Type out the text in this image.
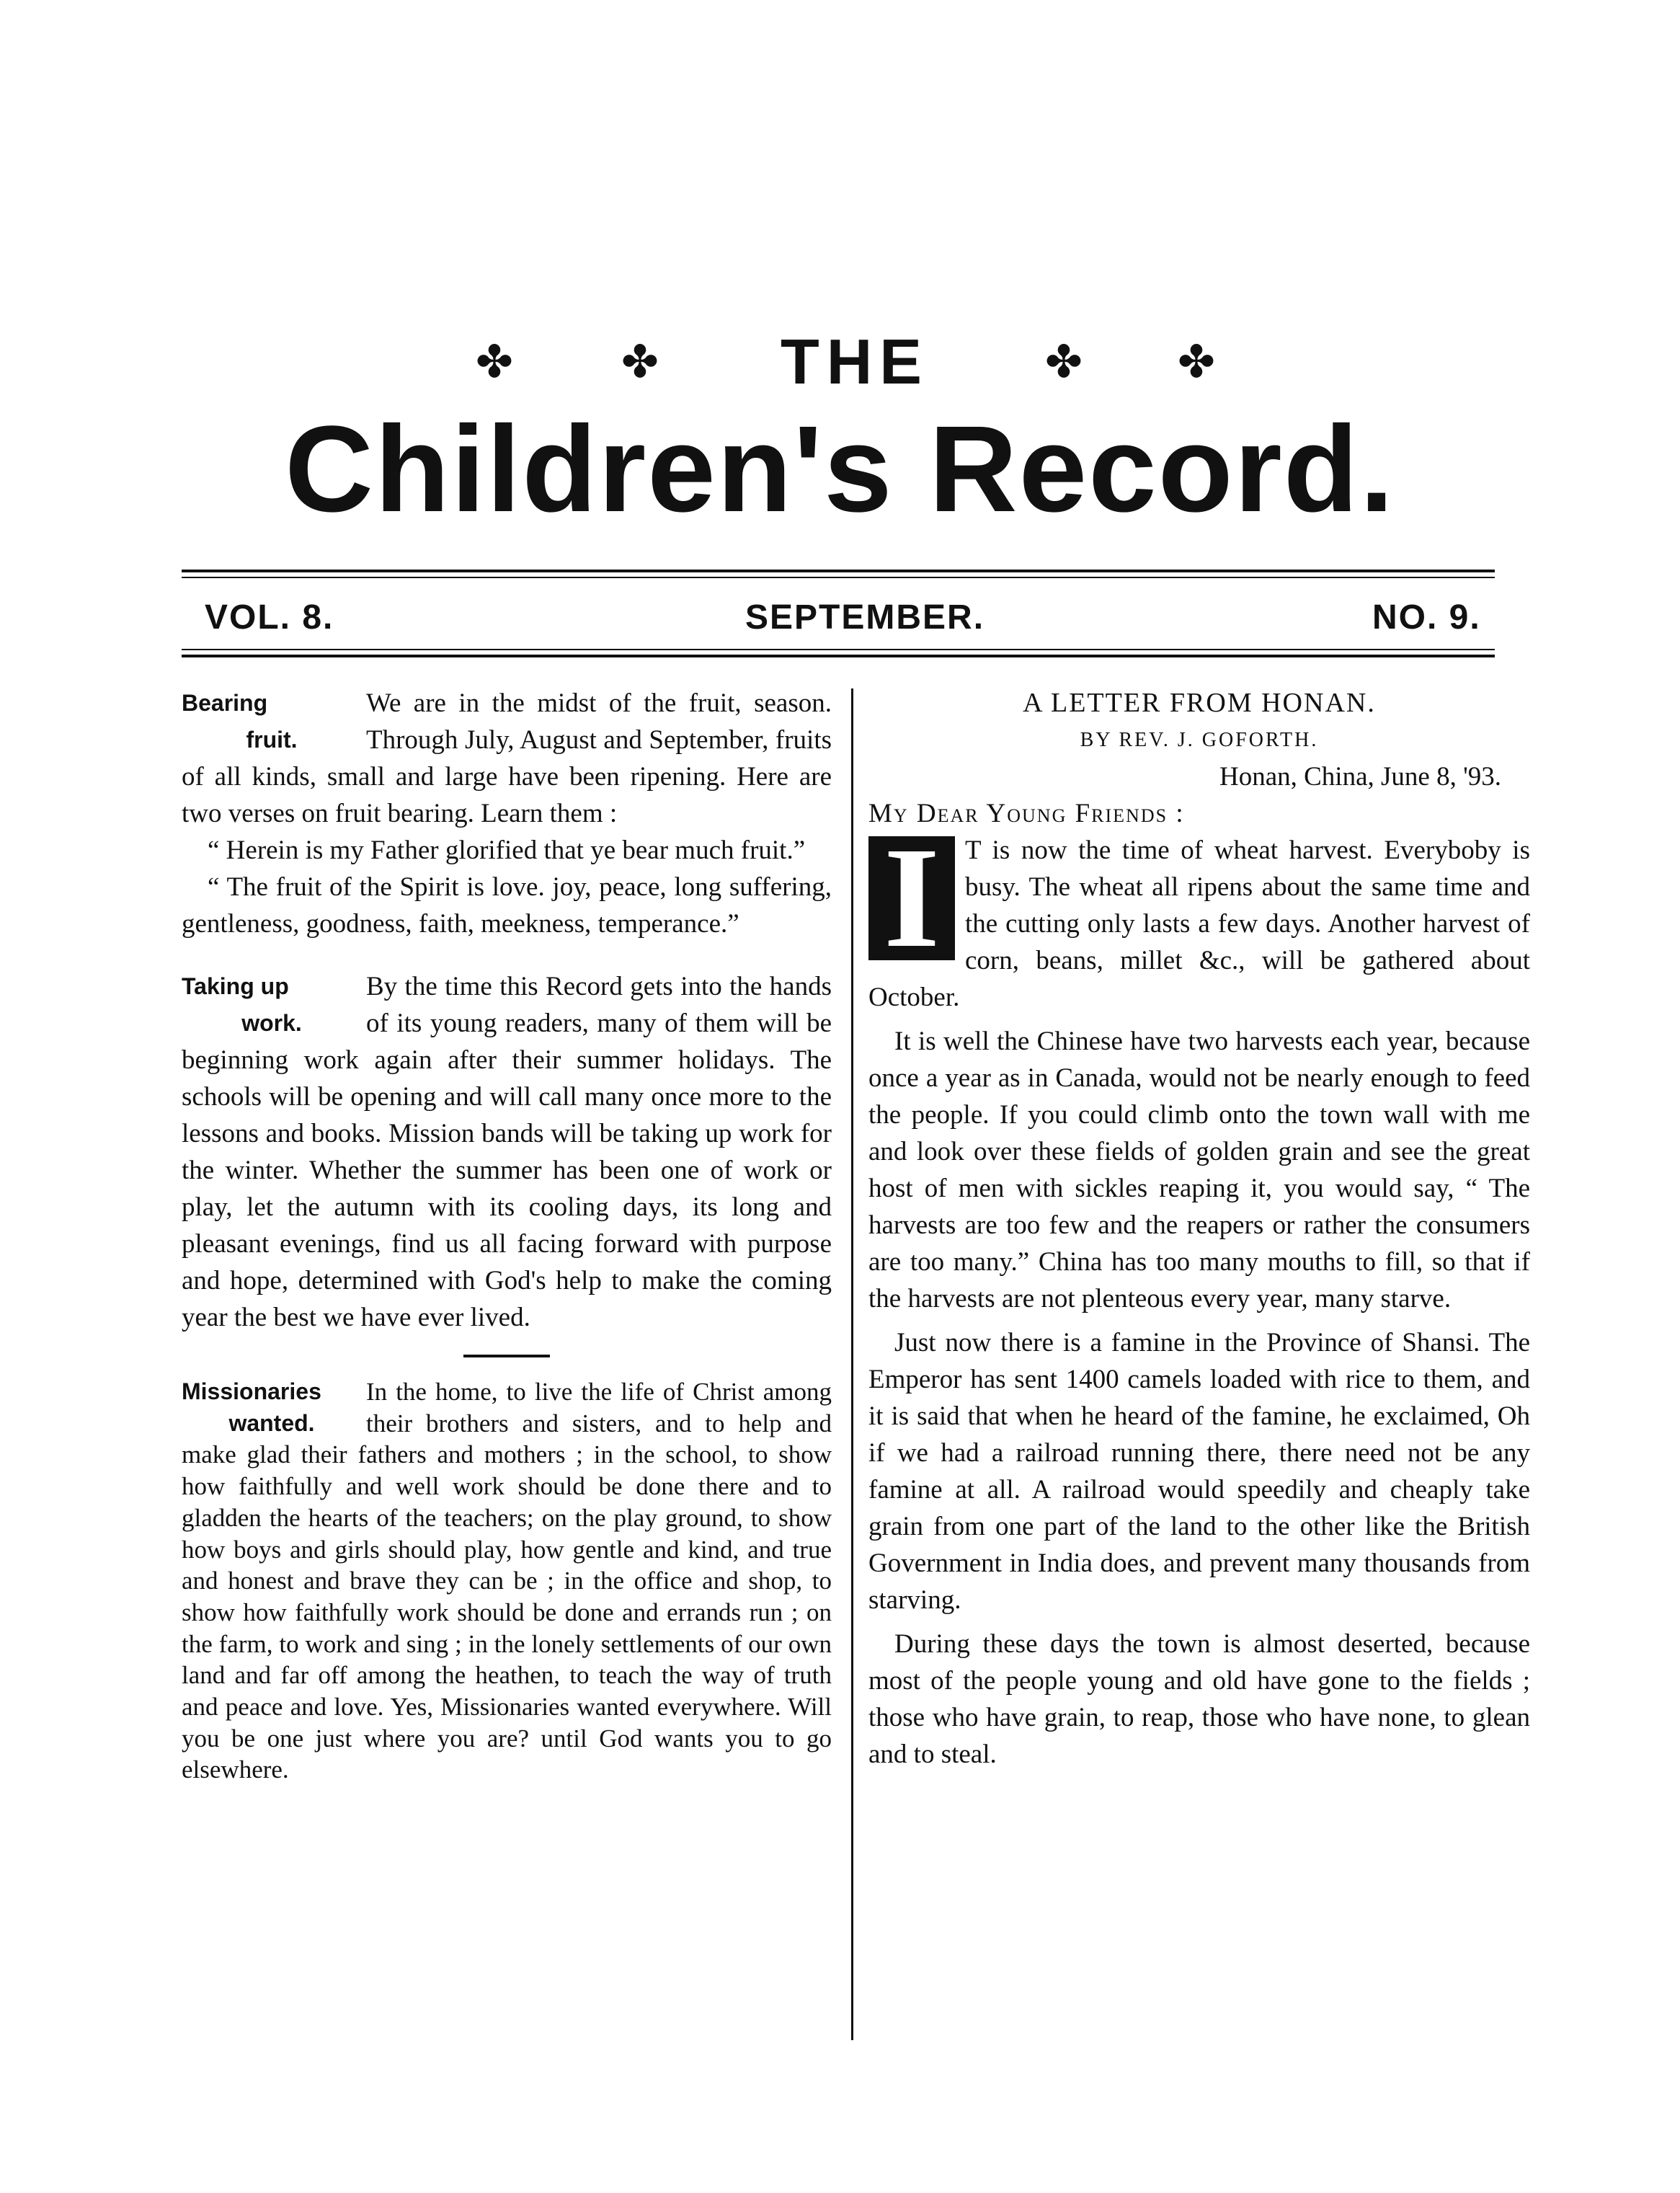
✤ ✤	✤ ✤
THE
Children's Record.
VOL. 8.	SEPTEMBER.	NO. 9.
Bearing
fruit.

We are in the midst of the fruit, season. Through July, August and September, fruits of all kinds, small and large have been ripening. Here are two verses on fruit bearing. Learn them :

“ Herein is my Father glorified that ye bear much fruit.”

“ The fruit of the Spirit is love. joy, peace, long suffering, gentleness, goodness, faith, meekness, temperance.”

Taking up
work.

By the time this Record gets into the hands of its young readers, many of them will be beginning work again after their summer holidays. The schools will be opening and will call many once more to the lessons and books. Mission bands will be taking up work for the winter. Whether the summer has been one of work or play, let the autumn with its cooling days, its long and pleasant evenings, find us all facing forward with purpose and hope, determined with God's help to make the coming year the best we have ever lived.

Missionaries
wanted.

In the home, to live the life of Christ among their brothers and sisters, and to help and make glad their fathers and mothers ; in the school, to show how faithfully and well work should be done there and to gladden the hearts of the teachers; on the play ground, to show how boys and girls should play, how gentle and kind, and true and honest and brave they can be ; in the office and shop, to show how faithfully work should be done and errands run ; on the farm, to work and sing ; in the lonely settlements of our own land and far off among the heathen, to teach the way of truth and peace and love. Yes, Missionaries wanted everywhere. Will you be one just where you are? until God wants you to go elsewhere.

A LETTER FROM HONAN.

BY REV. J. GOFORTH.

Honan, China, June 8, '93.

My Dear Young Friends :

I T is now the time of wheat harvest. Everyboby is busy. The wheat all ripens about the same time and the cutting only lasts a few days. Another harvest of corn, beans, millet &c., will be gathered about October.

It is well the Chinese have two harvests each year, because once a year as in Canada, would not be nearly enough to feed the people. If you could climb onto the town wall with me and look over these fields of golden grain and see the great host of men with sickles reaping it, you would say, “ The harvests are too few and the reapers or rather the consumers are too many.” China has too many mouths to fill, so that if the harvests are not plenteous every year, many starve.

Just now there is a famine in the Province of Shansi. The Emperor has sent 1400 camels loaded with rice to them, and it is said that when he heard of the famine, he exclaimed, Oh if we had a railroad running there, there need not be any famine at all. A railroad would speedily and cheaply take grain from one part of the land to the other like the British Government in India does, and prevent many thousands from starving.

During these days the town is almost deserted, because most of the people young and old have gone to the fields ; those who have grain, to reap, those who have none, to glean and to steal.
